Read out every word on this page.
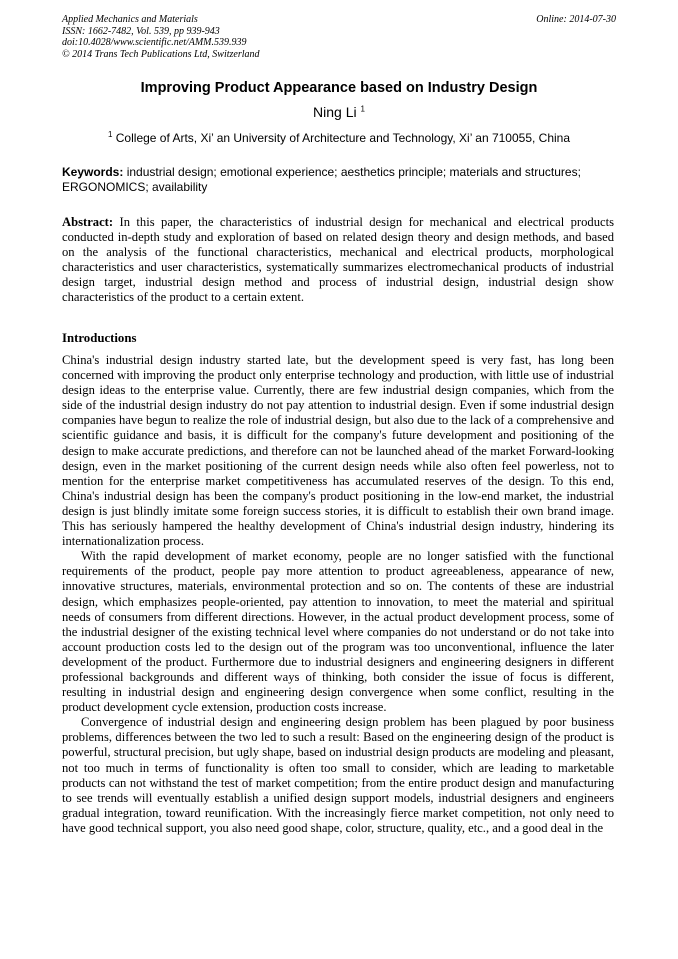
Applied Mechanics and Materials
ISSN: 1662-7482, Vol. 539, pp 939-943
doi:10.4028/www.scientific.net/AMM.539.939
© 2014 Trans Tech Publications Ltd, Switzerland
Online: 2014-07-30
Improving Product Appearance based on Industry Design
Ning Li $^1$
$^1$ College of Arts, Xi’ an University of Architecture and Technology, Xi’ an 710055, China
Keywords: industrial design; emotional experience; aesthetics principle; materials and structures; ERGONOMICS; availability
Abstract: In this paper, the characteristics of industrial design for mechanical and electrical products conducted in-depth study and exploration of based on related design theory and design methods, and based on the analysis of the functional characteristics, mechanical and electrical products, morphological characteristics and user characteristics, systematically summarizes electromechanical products of industrial design target, industrial design method and process of industrial design, industrial design show characteristics of the product to a certain extent.
Introductions

China's industrial design industry started late, but the development speed is very fast, has long been concerned with improving the product only enterprise technology and production, with little use of industrial design ideas to the enterprise value. Currently, there are few industrial design companies, which from the side of the industrial design industry do not pay attention to industrial design. Even if some industrial design companies have begun to realize the role of industrial design, but also due to the lack of a comprehensive and scientific guidance and basis, it is difficult for the company's future development and positioning of the design to make accurate predictions, and therefore can not be launched ahead of the market Forward-looking design, even in the market positioning of the current design needs while also often feel powerless, not to mention for the enterprise market competitiveness has accumulated reserves of the design. To this end, China's industrial design has been the company's product positioning in the low-end market, the industrial design is just blindly imitate some foreign success stories, it is difficult to establish their own brand image. This has seriously hampered the healthy development of China's industrial design industry, hindering its internationalization process.

With the rapid development of market economy, people are no longer satisfied with the functional requirements of the product, people pay more attention to product agreeableness, appearance of new, innovative structures, materials, environmental protection and so on. The contents of these are industrial design, which emphasizes people-oriented, pay attention to innovation, to meet the material and spiritual needs of consumers from different directions. However, in the actual product development process, some of the industrial designer of the existing technical level where companies do not understand or do not take into account production costs led to the design out of the program was too unconventional, influence the later development of the product. Furthermore due to industrial designers and engineering designers in different professional backgrounds and different ways of thinking, both consider the issue of focus is different, resulting in industrial design and engineering design convergence when some conflict, resulting in the product development cycle extension, production costs increase.

Convergence of industrial design and engineering design problem has been plagued by poor business problems, differences between the two led to such a result: Based on the engineering design of the product is powerful, structural precision, but ugly shape, based on industrial design products are modeling and pleasant, not too much in terms of functionality is often too small to consider, which are leading to marketable products can not withstand the test of market competition; from the entire product design and manufacturing to see trends will eventually establish a unified design support models, industrial designers and engineers gradual integration, toward reunification. With the increasingly fierce market competition, not only need to have good technical support, you also need good shape, color, structure, quality, etc., and a good deal in the
